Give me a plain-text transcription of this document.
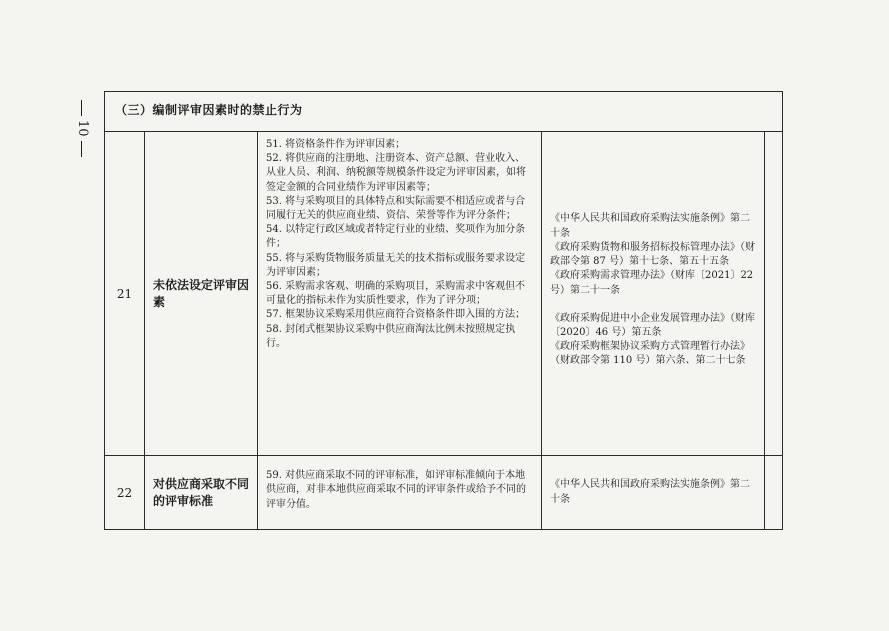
10
（三）编制评审因素时的禁止行为
21
未依法设定评审因素
51. 将资格条件作为评审因素；
52. 将供应商的注册地、注册资本、资产总额、营业收入、从业人员、利润、纳税额等规模条件设定为评审因素，如将签定金额的合同业绩作为评审因素等；
53. 将与采购项目的具体特点和实际需要不相适应或者与合同履行无关的供应商业绩、资信、荣誉等作为评分条件；
54. 以特定行政区域或者特定行业的业绩、奖项作为加分条件；
55. 将与采购货物服务质量无关的技术指标或服务要求设定为评审因素；
56. 采购需求客观、明确的采购项目，采购需求中客观但不可量化的指标未作为实质性要求，作为了评分项；
57. 框架协议采购采用供应商符合资格条件即入围的方法；
58. 封闭式框架协议采购中供应商淘汰比例未按照规定执行。
《中华人民共和国政府采购法实施条例》第二十条
《政府采购货物和服务招标投标管理办法》（财政部令第 87 号）第十七条、第五十五条
《政府采购需求管理办法》（财库〔2021〕22 号）第二十一条
《政府采购促进中小企业发展管理办法》（财库〔2020〕46 号）第五条
《政府采购框架协议采购方式管理暂行办法》（财政部令第 110 号）第六条、第二十七条
22
对供应商采取不同的评审标准
59. 对供应商采取不同的评审标准，如评审标准倾向于本地供应商，对非本地供应商采取不同的评审条件或给予不同的评审分值。
《中华人民共和国政府采购法实施条例》第二十条
